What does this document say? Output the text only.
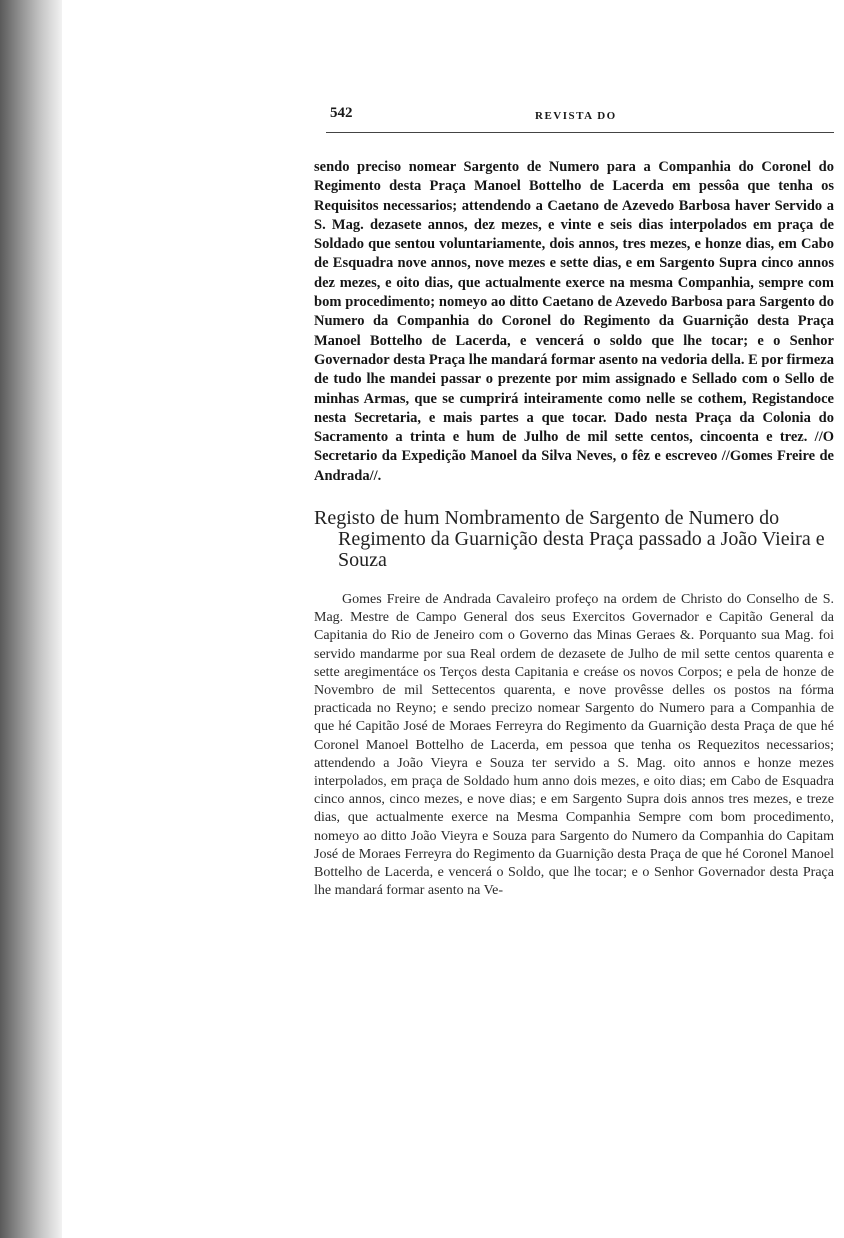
542	REVISTA DO

sendo preciso nomear Sargento de Numero para a Companhia do Coronel do Regimento desta Praça Manoel Bottelho de Lacerda em pessôa que tenha os Requisitos necessarios; attendendo a Caetano de Azevedo Barbosa haver Servido a S. Mag. dezasete annos, dez mezes, e vinte e seis dias interpolados em praça de Soldado que sentou voluntariamente, dois annos, tres mezes, e honze dias, em Cabo de Esquadra nove annos, nove mezes e sette dias, e em Sargento Supra cinco annos dez mezes, e oito dias, que actualmente exerce na mesma Companhia, sempre com bom procedimento; nomeyo ao ditto Caetano de Azevedo Barbosa para Sargento do Numero da Companhia do Coronel do Regimento da Guarnição desta Praça Manoel Bottelho de Lacerda, e vencerá o soldo que lhe tocar; e o Senhor Governador desta Praça lhe mandará formar asento na vedoria della. E por firmeza de tudo lhe mandei passar o prezente por mim assignado e Sellado com o Sello de minhas Armas, que se cumprirá inteiramente como nelle se cothem, Registandoce nesta Secretaria, e mais partes a que tocar. Dado nesta Praça da Colonia do Sacramento a trinta e hum de Julho de mil sette centos, cincoenta e trez. //O Secretario da Expedição Manoel da Silva Neves, o fêz e escreveo //Gomes Freire de Andrada//.

Registo de hum Nombramento de Sargento de Numero do Regimento da Guarnição desta Praça passado a João Vieira e Souza

Gomes Freire de Andrada Cavaleiro profeço na ordem de Christo do Conselho de S. Mag. Mestre de Campo General dos seus Exercitos Governador e Capitão General da Capitania do Rio de Jeneiro com o Governo das Minas Geraes &. Porquanto sua Mag. foi servido mandarme por sua Real ordem de dezasete de Julho de mil sette centos quarenta e sette aregimentáce os Terços desta Capitania e creáse os novos Corpos; e pela de honze de Novembro de mil Settecentos quarenta, e nove provêsse delles os postos na fórma practicada no Reyno; e sendo precizo nomear Sargento do Numero para a Companhia de que hé Capitão José de Moraes Ferreyra do Regimento da Guarnição desta Praça de que hé Coronel Manoel Bottelho de Lacerda, em pessoa que tenha os Requezitos necessarios; attendendo a João Vieyra e Souza ter servido a S. Mag. oito annos e honze mezes interpolados, em praça de Soldado hum anno dois mezes, e oito dias; em Cabo de Esquadra cinco annos, cinco mezes, e nove dias; e em Sargento Supra dois annos tres mezes, e treze dias, que actualmente exerce na Mesma Companhia Sempre com bom procedimento, nomeyo ao ditto João Vieyra e Souza para Sargento do Numero da Companhia do Capitam José de Moraes Ferreyra do Regimento da Guarnição desta Praça de que hé Coronel Manoel Bottelho de Lacerda, e vencerá o Soldo, que lhe tocar; e o Senhor Governador desta Praça lhe mandará formar asento na Ve-
